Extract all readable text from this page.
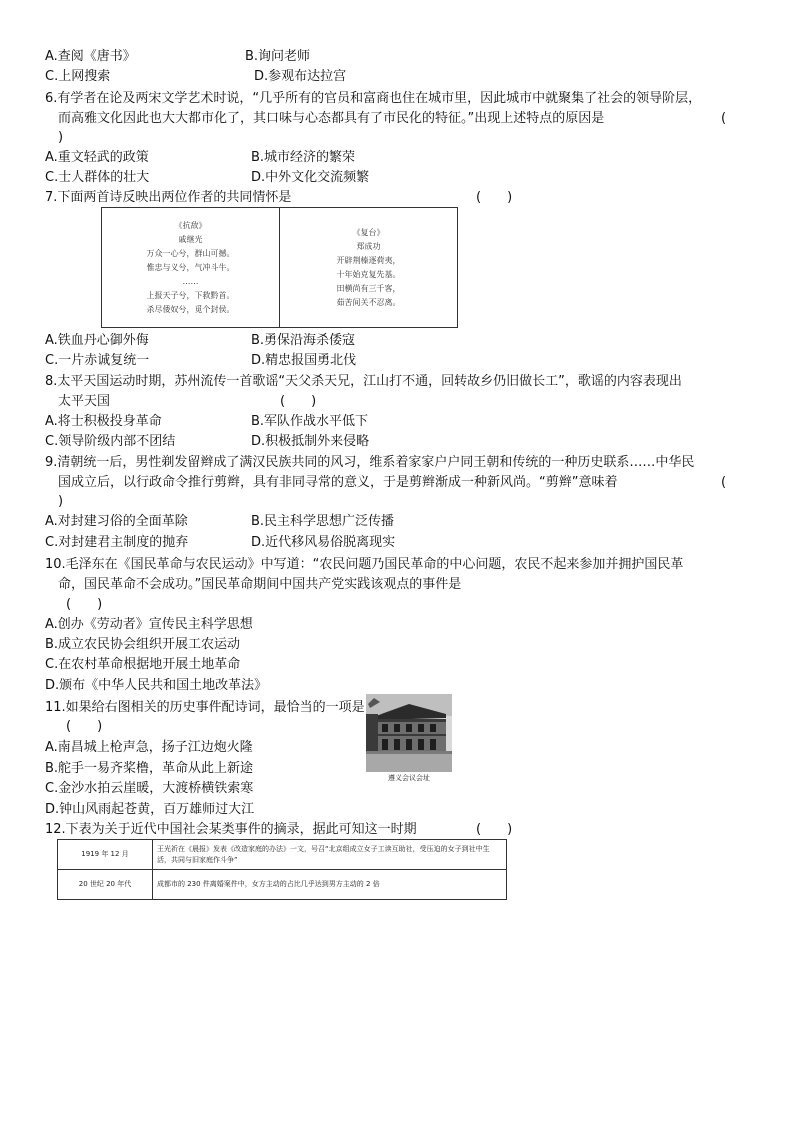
A.查阅《唐书》	B.询问老师
C.上网搜索	D.参观布达拉宫
6.有学者在论及两宋文学艺术时说，“几乎所有的官员和富商也住在城市里，因此城市中就聚集了社会的领导阶层，
而高雅文化因此也大大都市化了，其口味与心态都具有了市民化的特征。”出现上述特点的原因是	(
)
A.重文轻武的政策	B.城市经济的繁荣
C.士人群体的壮大	D.中外文化交流频繁
7.下面两首诗反映出两位作者的共同情怀是	(　　)
《抗敌》
戚继光
万众一心兮，群山可撼。
惟忠与义兮，气冲斗牛。
……
上报天子兮，下救黔首。
杀尽倭奴兮，觅个封侯。
《复台》
郑成功
开辟荆榛逐荷夷，
十年始克复先基。
田横尚有三千客，
茹苦间关不忍离。
A.铁血丹心御外侮	B.勇保沿海杀倭寇
C.一片赤诚复统一	D.精忠报国勇北伐
8.太平天国运动时期，苏州流传一首歌谣“天父杀天兄，江山打不通，回转故乡仍旧做长工”，歌谣的内容表现出
太平天国	(　　)
A.将士积极投身革命	B.军队作战水平低下
C.领导阶级内部不团结	D.积极抵制外来侵略
9.清朝统一后，男性剃发留辫成了满汉民族共同的风习，维系着家家户户同王朝和传统的一种历史联系……中华民
国成立后，以行政命令推行剪辫，具有非同寻常的意义，于是剪辫渐成一种新风尚。“剪辫”意味着	(
)
A.对封建习俗的全面革除	B.民主科学思想广泛传播
C.对封建君主制度的抛弃	D.近代移风易俗脱离现实
10.毛泽东在《国民革命与农民运动》中写道：“农民问题乃国民革命的中心问题，农民不起来参加并拥护国民革
命，国民革命不会成功。”国民革命期间中国共产党实践该观点的事件是
(　　)
A.创办《劳动者》宣传民主科学思想
B.成立农民协会组织开展工农运动
C.在农村革命根据地开展土地革命
D.颁布《中华人民共和国土地改革法》
11.如果给右图相关的历史事件配诗词，最恰当的一项是
(　　)
遵义会议会址
A.南昌城上枪声急，扬子江边炮火隆
B.舵手一易齐桨橹，革命从此上新途
C.金沙水拍云崖暖，大渡桥横铁索寒
D.钟山风雨起苍黄，百万雄师过大江
12.下表为关于近代中国社会某类事件的摘录，据此可知这一时期	(　　)
1919 年 12 月	王光祈在《晨报》发表《改造家庭的办法》一文，号召“北京组成立女子工读互助社，受压迫的女子到社中生活，共同与旧家庭作斗争”
20 世纪 20 年代	成都市的 230 件离婚案件中，女方主动的占比几乎达到男方主动的 2 倍
